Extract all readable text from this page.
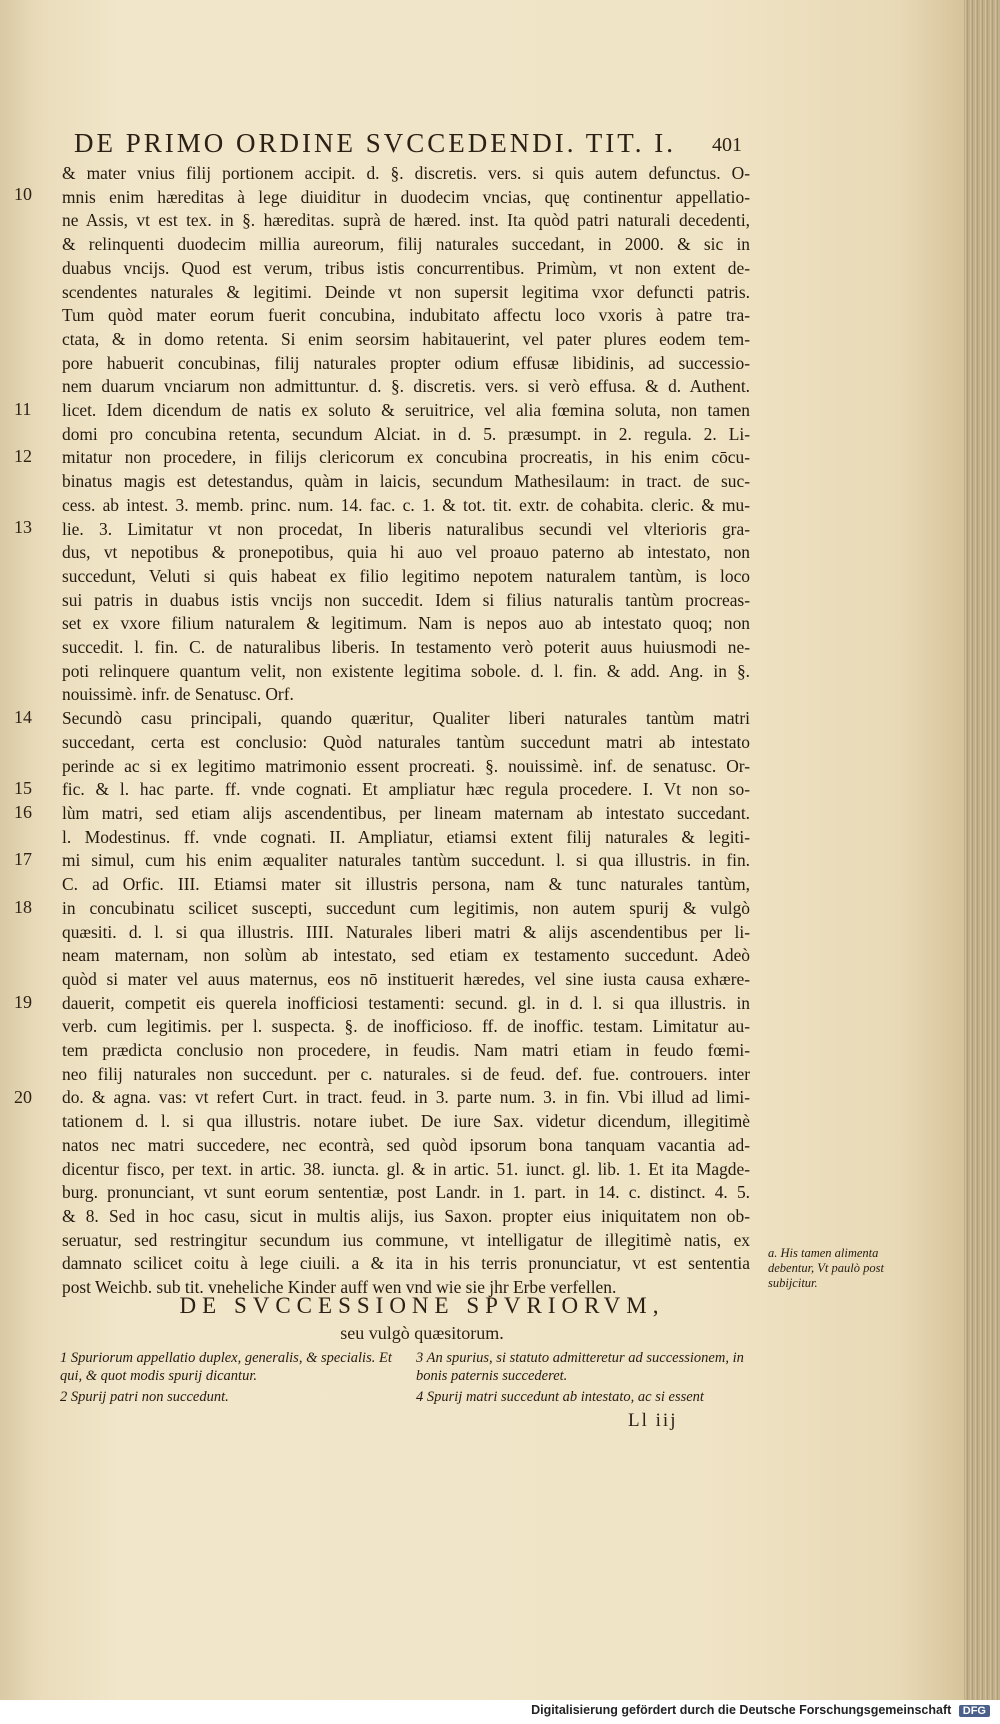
DE PRIMO ORDINE SVCCEDENDI. TIT. I.	401
10
11
12
13
14
15
16
17
18
19
20
& mater vnius filij portionem accipit. d. §. discretis. vers. si quis autem defunctus. O-
mnis enim hæreditas à lege diuiditur in duodecim vncias, quę continentur appellatio-
ne Assis, vt est tex. in §. hæreditas. suprà de hæred. inst. Ita quòd patri naturali decedenti,
& relinquenti duodecim millia aureorum, filij naturales succedant, in 2000. & sic in
duabus vncijs. Quod est verum, tribus istis concurrentibus. Primùm, vt non extent de-
scendentes naturales & legitimi. Deinde vt non supersit legitima vxor defuncti patris.
Tum quòd mater eorum fuerit concubina, indubitato affectu loco vxoris à patre tra-
ctata, & in domo retenta. Si enim seorsim habitauerint, vel pater plures eodem tem-
pore habuerit concubinas, filij naturales propter odium effusæ libidinis, ad successio-
nem duarum vnciarum non admittuntur. d. §. discretis. vers. si verò effusa. & d. Authent.
licet. Idem dicendum de natis ex soluto & seruitrice, vel alia fœmina soluta, non tamen
domi pro concubina retenta, secundum Alciat. in d. 5. præsumpt. in 2. regula. 2. Li-
mitatur non procedere, in filijs clericorum ex concubina procreatis, in his enim cōcu-
binatus magis est detestandus, quàm in laicis, secundum Mathesilaum: in tract. de suc-
cess. ab intest. 3. memb. princ. num. 14. fac. c. 1. & tot. tit. extr. de cohabita. cleric. & mu-
lie. 3. Limitatur vt non procedat, In liberis naturalibus secundi vel vlterioris gra-
dus, vt nepotibus & pronepotibus, quia hi auo vel proauo paterno ab intestato, non
succedunt, Veluti si quis habeat ex filio legitimo nepotem naturalem tantùm, is loco
sui patris in duabus istis vncijs non succedit. Idem si filius naturalis tantùm procreas-
set ex vxore filium naturalem & legitimum. Nam is nepos auo ab intestato quoq; non
succedit. l. fin. C. de naturalibus liberis. In testamento verò poterit auus huiusmodi ne-
poti relinquere quantum velit, non existente legitima sobole. d. l. fin. & add. Ang. in §.
nouissimè. infr. de Senatusc. Orf.
Secundò casu principali, quando quæritur, Qualiter liberi naturales tantùm matri
succedant, certa est conclusio: Quòd naturales tantùm succedunt matri ab intestato
perinde ac si ex legitimo matrimonio essent procreati. §. nouissimè. inf. de senatusc. Or-
fic. & l. hac parte. ff. vnde cognati. Et ampliatur hæc regula procedere. I. Vt non so-
lùm matri, sed etiam alijs ascendentibus, per lineam maternam ab intestato succedant.
l. Modestinus. ff. vnde cognati. II. Ampliatur, etiamsi extent filij naturales & legiti-
mi simul, cum his enim æqualiter naturales tantùm succedunt. l. si qua illustris. in fin.
C. ad Orfic. III. Etiamsi mater sit illustris persona, nam & tunc naturales tantùm,
in concubinatu scilicet suscepti, succedunt cum legitimis, non autem spurij & vulgò
quæsiti. d. l. si qua illustris. IIII. Naturales liberi matri & alijs ascendentibus per li-
neam maternam, non solùm ab intestato, sed etiam ex testamento succedunt. Adeò
quòd si mater vel auus maternus, eos nō instituerit hæredes, vel sine iusta causa exhære-
dauerit, competit eis querela inofficiosi testamenti: secund. gl. in d. l. si qua illustris. in
verb. cum legitimis. per l. suspecta. §. de inofficioso. ff. de inoffic. testam. Limitatur au-
tem prædicta conclusio non procedere, in feudis. Nam matri etiam in feudo fœmi-
neo filij naturales non succedunt. per c. naturales. si de feud. def. fue. controuers. inter
do. & agna. vas: vt refert Curt. in tract. feud. in 3. parte num. 3. in fin. Vbi illud ad limi-
tationem d. l. si qua illustris. notare iubet. De iure Sax. videtur dicendum, illegitimè
natos nec matri succedere, nec econtrà, sed quòd ipsorum bona tanquam vacantia ad-
dicentur fisco, per text. in artic. 38. iuncta. gl. & in artic. 51. iunct. gl. lib. 1. Et ita Magde-
burg. pronunciant, vt sunt eorum sententiæ, post Landr. in 1. part. in 14. c. distinct. 4. 5.
& 8. Sed in hoc casu, sicut in multis alijs, ius Saxon. propter eius iniquitatem non ob-
seruatur, sed restringitur secundum ius commune, vt intelligatur de illegitimè natis, ex
damnato scilicet coitu à lege ciuili. a & ita in his terris pronunciatur, vt est sententia
post Weichb. sub tit. vneheliche Kinder auff wen vnd wie sie jhr Erbe verfellen.
a. His tamen alimenta debentur, Vt paulò post subijcitur.
DE SVCCESSIONE SPVRIORVM,
seu vulgò quæsitorum.
1 Spuriorum appellatio duplex, generalis, & specialis. Et qui, & quot modis spurij dicantur.
2 Spurij patri non succedunt.
3 An spurius, si statuto admitteretur ad successionem, in bonis paternis succederet.
4 Spurij matri succedunt ab intestato, ac si essent
Ll iij
Digitalisierung gefördert durch die Deutsche Forschungsgemeinschaft DFG
